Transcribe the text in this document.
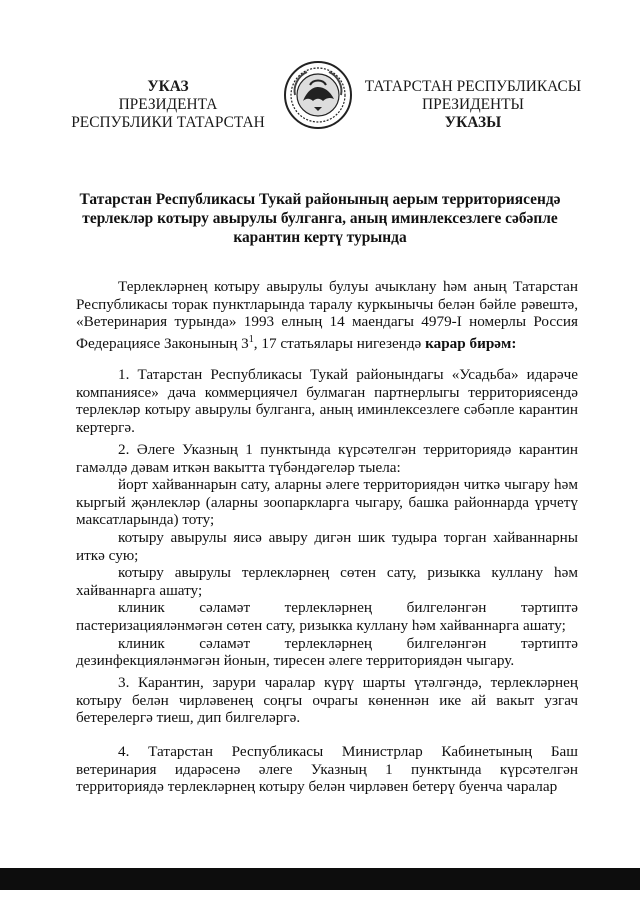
УКАЗ
ПРЕЗИДЕНТА
РЕСПУБЛИКИ ТАТАРСТАН
ТАТАРСТАН РЕСПУБЛИКАСЫ
ПРЕЗИДЕНТЫ
УКАЗЫ
Татарстан Республикасы Тукай районының аерым территориясендә
терлекләр котыру авырулы булганга, аның иминлексезлеге сәбәпле
карантин кертү турында

Терлекләрнең котыру авырулы булуы ачыклану һәм аның Татарстан Республикасы торак пунктларында таралу куркынычы белән бәйле рәвештә, «Ветеринария турында» 1993 елның 14 маендагы 4979-I номерлы Россия Федерациясе Законының $3^1$, 17 статьялары нигезендә карар бирәм:

1. Татарстан Республикасы Тукай районындагы «Усадьба» идарәче компаниясе» дача коммерциячел булмаган партнерлыгы территориясендә терлекләр котыру авырулы булганга, аның иминлексезлеге сәбәпле карантин кертергә.

2. Әлеге Указның 1 пунктында күрсәтелгән территориядә карантин гамәлдә дәвам иткән вакытта түбәндәгеләр тыела:

йорт хайваннарын сату, аларны әлеге территориядән читкә чыгару һәм кыргый җәнлекләр (аларны зоопаркларга чыгару, башка районнарда үрчетү максатларында) тоту;

котыру авырулы яисә авыру дигән шик тудыра торган хайваннарны иткә сую;

котыру авырулы терлекләрнең сөтен сату, ризыкка куллану һәм хайваннарга ашату;

клиник сәламәт терлекләрнең билгеләнгән тәртиптә пастеризацияләнмәгән сөтен сату, ризыкка куллану һәм хайваннарга ашату;

клиник сәламәт терлекләрнең билгеләнгән тәртиптә дезинфекцияләнмәгән йонын, тиресен әлеге территориядән чыгару.

3. Карантин, зарури чаралар күрү шарты үтәлгәндә, терлекләрнең котыру белән чирләвенең соңгы очрагы көненнән ике ай вакыт узгач бетерелергә тиеш, дип билгеләргә.

4. Татарстан Республикасы Министрлар Кабинетының Баш ветеринария идарәсенә әлеге Указның 1 пунктында күрсәтелгән территориядә терлекләрнең котыру белән чирләвен бетерү буенча чаралар
